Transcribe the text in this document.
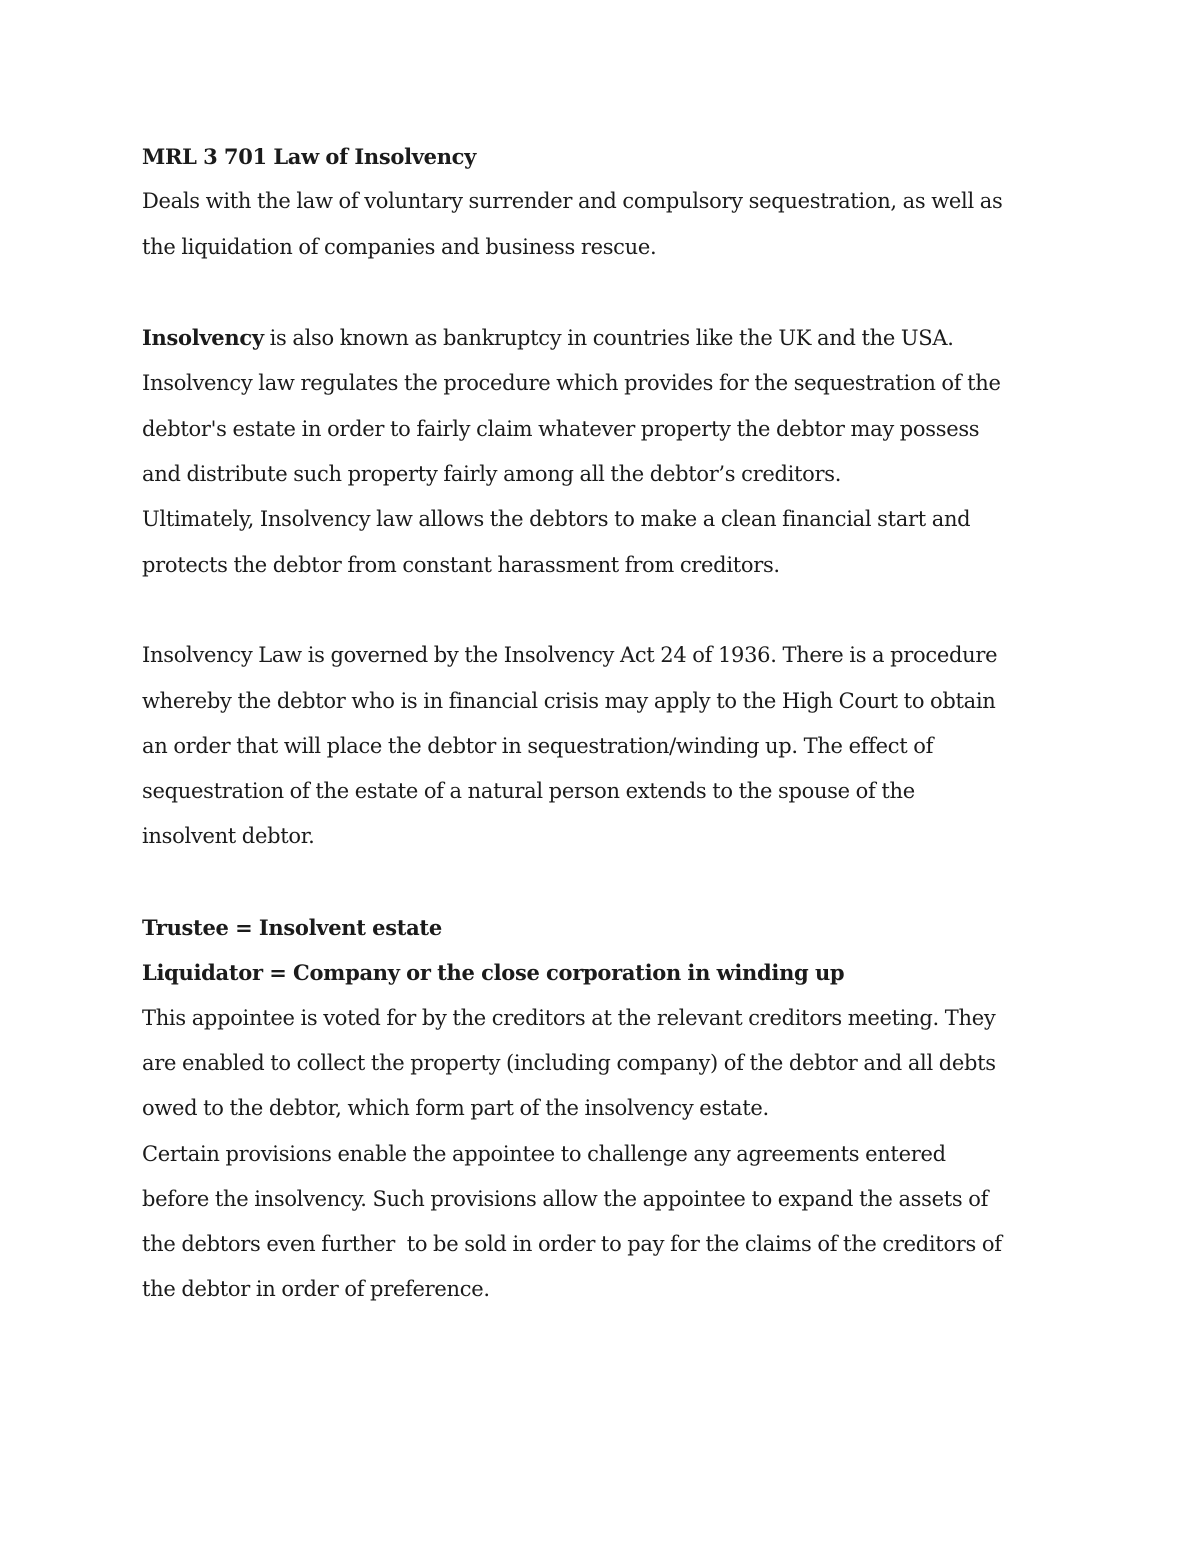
MRL 3 701 Law of Insolvency

Deals with the law of voluntary surrender and compulsory sequestration, as well as

the liquidation of companies and business rescue.

Insolvency is also known as bankruptcy in countries like the UK and the USA.

Insolvency law regulates the procedure which provides for the sequestration of the

debtor's estate in order to fairly claim whatever property the debtor may possess

and distribute such property fairly among all the debtor’s creditors.

Ultimately, Insolvency law allows the debtors to make a clean financial start and

protects the debtor from constant harassment from creditors.

Insolvency Law is governed by the Insolvency Act 24 of 1936. There is a procedure

whereby the debtor who is in financial crisis may apply to the High Court to obtain

an order that will place the debtor in sequestration/winding up. The effect of

sequestration of the estate of a natural person extends to the spouse of the

insolvent debtor.

Trustee = Insolvent estate

Liquidator = Company or the close corporation in winding up

This appointee is voted for by the creditors at the relevant creditors meeting. They

are enabled to collect the property (including company) of the debtor and all debts

owed to the debtor, which form part of the insolvency estate.

Certain provisions enable the appointee to challenge any agreements entered

before the insolvency. Such provisions allow the appointee to expand the assets of

the debtors even further  to be sold in order to pay for the claims of the creditors of

the debtor in order of preference.
